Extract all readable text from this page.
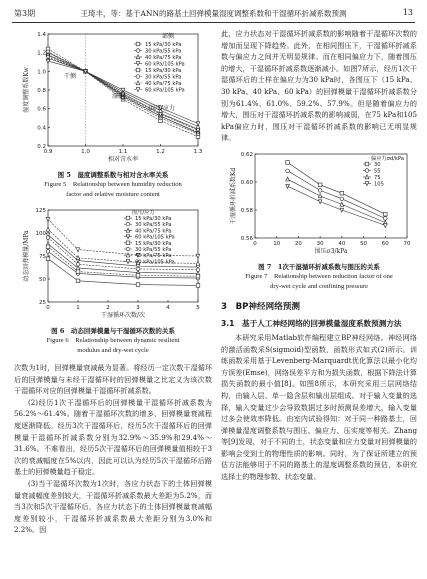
第3期	王琦丰，等：基于ANN的路基土回弹模量湿度调整系数和干湿循环折减系数预测	13
0.9	1.0	1.1	1.2	1.3
0.2
0.4
0.6
0.8
1.0
1.2
1.4
相对含水率
湿度调整系数Kw
15 kPa/30 kPa
30 kPa/55 kPa
40 kPa/75 kPa
60 kPa/105 kPa
15 kPa/30 kPa
30 kPa/55 kPa
40 kPa/75 kPa
60 kPa/105 kPa
部侧
干侧
湿侧
围压/应力
图 5　湿度调整系数与相对含水率关系
Figure 5　Relationship between humidity reduction
factor and relative moisture content
0	1	2	3	4	5
25
50
75
100
125
干湿循环次数/次
动态回弹模量/MPa
围压/应力
15 kPa/30 kPa
30 kPa/55 kPa
40 kPa/75 kPa
60 kPa/105 kPa
15 kPa/30 kPa
30 kPa/55 kPa
40 kPa/75 kPa
60 kPa/105 kPa
图 6　动态回弹模量与干湿循环次数的关系
Figure 6　Relationship between dynamic resilient
modulus and dry-wet cycle

次数为1时，回弹模量衰减最为显著。将经历一定次数干湿循环后的回弹模量与未经干湿循环时的回弹模量之比定义为该次数干湿循环对应的回弹模量干湿循环折减系数。

(2)经历1次干湿循环后的回弹模量干湿循环折减系数为56.2%～61.4%。随着干湿循环次数的增多，回弹模量衰减程度逐渐降低。经历3次干湿循环后，经历5次干湿循环后的回弹模量干湿循环折减系数分别为32.9%～35.9%和29.4%～31.6%。不难看出，经历5次干湿循环后的回弹模量值相较于3次的衰减幅度在5%以内，因此可以认为经历5次干湿循环后路基土的回弹模量趋于稳定。

(3)当干湿循环次数为1次时，各应力状态下的土体回弹模量衰减幅度差别较大，干湿循环折减系数最大差距为5.2%，而当3次和5次干湿循环后，各应力状态下的土体回弹模量衰减幅度差别较小，干湿循环折减系数最大差距分别为3.0%和2.2%。因

此，应力状态对干湿循环折减系数的影响随着干湿循环次数的增加而呈现下降趋势。此外，在相同围压下，干湿循环折减系数与偏应力之间并无明显规律。而在相同偏应力下，随着围压的增大，干湿循环折减系数逐渐减小。如图7所示，经历1次干湿循环后的土样在偏应力为30 kPa时，各围压下（15 kPa、30 kPa、40 kPa、60 kPa）的回弹模量干湿循环折减系数分别为61.4%、61.0%、59.2%、57.9%。但是随着偏应力的增大，围压对干湿循环折减系数的影响减弱，在75 kPa和105 kPa偏应力时，围压对干湿循环折减系数的影响已无明显规律。

0	10	20	30	40	50	60	70
0.56
0.58
0.60
0.62
围压σ3/kPa
干湿循环折减系数Kd
偏应力σd/kPa
30
55
75
105
图 7　1次干湿循环折减系数与围压的关系
Figure 7　Relationship between reduction factor of one
dry-wet cycle and confining pressure
3　BP神经网络预测
3.1　基于人工神经网络的回弹模量湿度系数预测方法

本研究采用Matlab软件编程建立BP神经网络。神经网络的激活函数采S(sigmoid)型函数，函数形式如式(2)所示。训练函数采用基于Levenberg-Marquardt优化算法以最小化均方误差(Emse)，网络误差平方和为损失函数，根据下降法计算损失函数的最小值[8]。如图8所示，本研究采用三层网络结构，由输入层、单一隐含层和输出层组成。对于输入变量的选择，输入变量过少会导致数据过多时预测误差增大，输入变量过多会使效率降低。由室内试验得知：对于同一种路基土，回弹模量湿度调整系数与围压、偏应力、压实度等相关。Zhang等[9]发现，对于不同的土，状态变量和应力变量对回弹模量的影响会受到土的物理性质的影响。同时，为了保证所建立的预估方法能够用于不同的路基土的湿度调整系数的预估，本研究选择土的物理参数、状态变量、
